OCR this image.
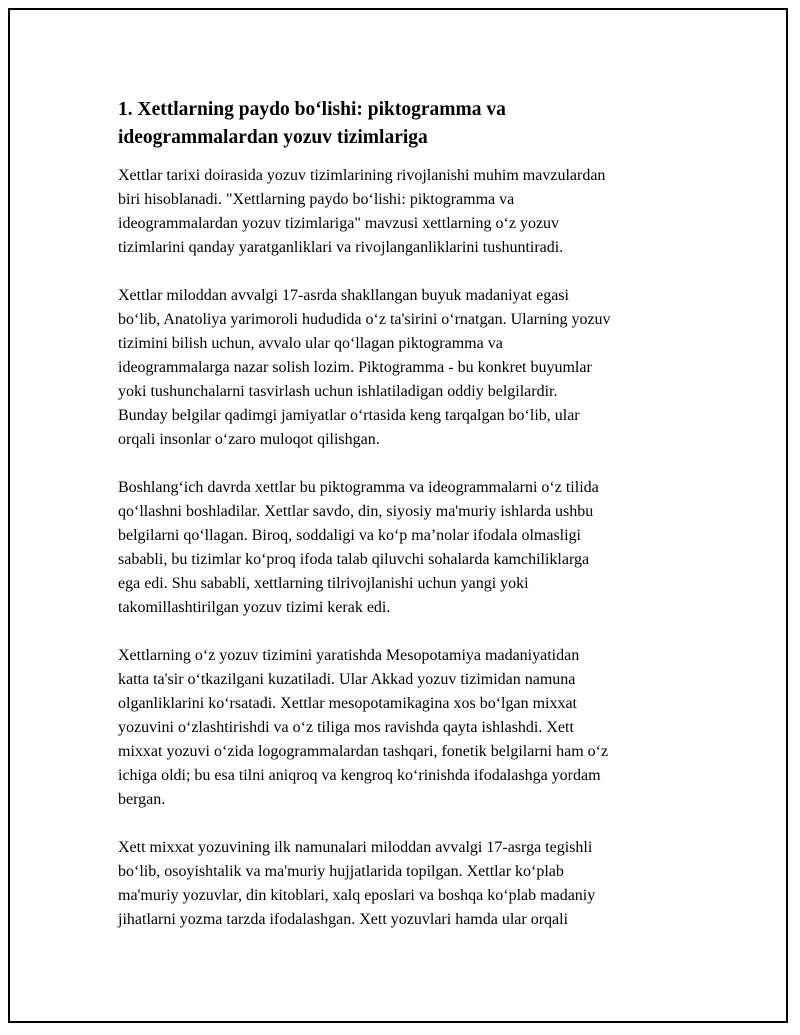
1. Xettlarning paydo bo‘lishi: piktogramma va
ideogrammalardan yozuv tizimlariga

Xettlar tarixi doirasida yozuv tizimlarining rivojlanishi muhim mavzulardan
biri hisoblanadi. "Xettlarning paydo bo‘lishi: piktogramma va
ideogrammalardan yozuv tizimlariga" mavzusi xettlarning o‘z yozuv
tizimlarini qanday yaratganliklari va rivojlanganliklarini tushuntiradi.

Xettlar miloddan avvalgi 17-asrda shakllangan buyuk madaniyat egasi
bo‘lib, Anatoliya yarimoroli hududida o‘z ta'sirini o‘rnatgan. Ularning yozuv
tizimini bilish uchun, avvalo ular qo‘llagan piktogramma va
ideogrammalarga nazar solish lozim. Piktogramma - bu konkret buyumlar
yoki tushunchalarni tasvirlash uchun ishlatiladigan oddiy belgilardir.
Bunday belgilar qadimgi jamiyatlar o‘rtasida keng tarqalgan bo‘lib, ular
orqali insonlar o‘zaro muloqot qilishgan.

Boshlang‘ich davrda xettlar bu piktogramma va ideogrammalarni o‘z tilida
qo‘llashni boshladilar. Xettlar savdo, din, siyosiy ma'muriy ishlarda ushbu
belgilarni qo‘llagan. Biroq, soddaligi va ko‘p ma’nolar ifodala olmasligi
sababli, bu tizimlar ko‘proq ifoda talab qiluvchi sohalarda kamchiliklarga
ega edi. Shu sababli, xettlarning tilrivojlanishi uchun yangi yoki
takomillashtirilgan yozuv tizimi kerak edi.

Xettlarning o‘z yozuv tizimini yaratishda Mesopotamiya madaniyatidan
katta ta'sir o‘tkazilgani kuzatiladi. Ular Akkad yozuv tizimidan namuna
olganliklarini ko‘rsatadi. Xettlar mesopotamikagina xos bo‘lgan mixxat
yozuvini o‘zlashtirishdi va o‘z tiliga mos ravishda qayta ishlashdi. Xett
mixxat yozuvi o‘zida logogrammalardan tashqari, fonetik belgilarni ham o‘z
ichiga oldi; bu esa tilni aniqroq va kengroq ko‘rinishda ifodalashga yordam
bergan.

Xett mixxat yozuvining ilk namunalari miloddan avvalgi 17-asrga tegishli
bo‘lib, osoyishtalik va ma'muriy hujjatlarida topilgan. Xettlar ko‘plab
ma'muriy yozuvlar, din kitoblari, xalq eposlari va boshqa ko‘plab madaniy
jihatlarni yozma tarzda ifodalashgan. Xett yozuvlari hamda ular orqali
